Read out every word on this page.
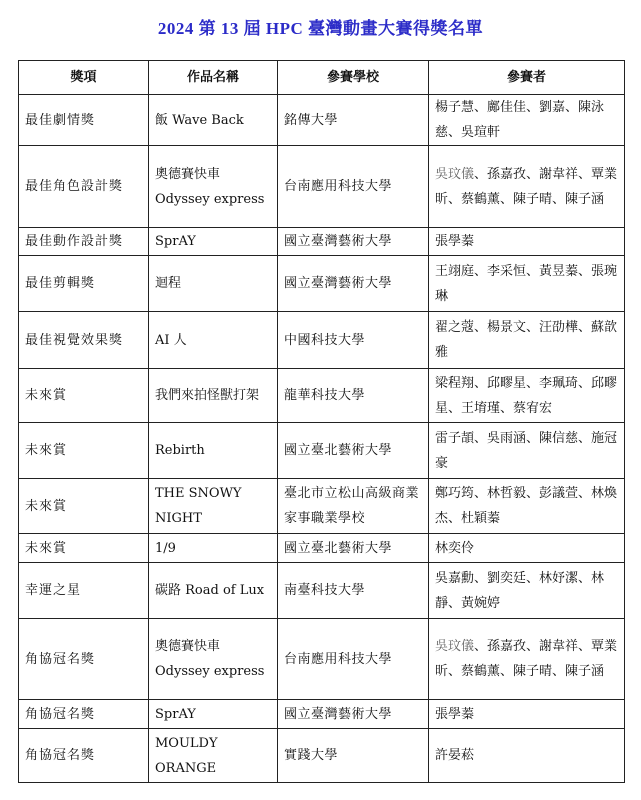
2024 第 13 屆 HPC 臺灣動畫大賽得獎名單
獎項	作品名稱	參賽學校	參賽者
最佳劇情獎	飯 Wave Back	銘傳大學	楊子慧、鄺佳佳、劉嘉、陳泳慈、吳瑄軒
最佳角色設計獎	奧德賽快車 Odyssey express	台南應用科技大學	吳玟儀、孫嘉孜、謝韋祥、覃業昕、蔡鶴薰、陳子晴、陳子涵
最佳動作設計獎	SprAY	國立臺灣藝術大學	張學蓁
最佳剪輯獎	迴程	國立臺灣藝術大學	王翊庭、李采恒、黃昱蓁、張琬琳
最佳視覺效果獎	AI 人	中國科技大學	翟之蔻、楊景文、汪劭樺、蘇歆雅
未來賞	我們來拍怪獸打架	龍華科技大學	梁程翔、邱疁星、李珮琦、邱疁星、王堉瑾、蔡宥宏
未來賞	Rebirth	國立臺北藝術大學	雷子頡、吳雨涵、陳信慈、施冠豪
未來賞	THE SNOWY NIGHT	臺北市立松山高級商業家事職業學校	鄭巧筠、林哲毅、彭議萱、林煥杰、杜穎蓁
未來賞	1/9	國立臺北藝術大學	林奕伶
幸運之星	碳路 Road of Lux	南臺科技大學	吳嘉勳、劉奕廷、林妤潔、林靜、黃婉婷
角協冠名獎	奧德賽快車 Odyssey express	台南應用科技大學	吳玟儀、孫嘉孜、謝韋祥、覃業昕、蔡鶴薰、陳子晴、陳子涵
角協冠名獎	SprAY	國立臺灣藝術大學	張學蓁
角協冠名獎	MOULDY ORANGE	實踐大學	許晏菘
